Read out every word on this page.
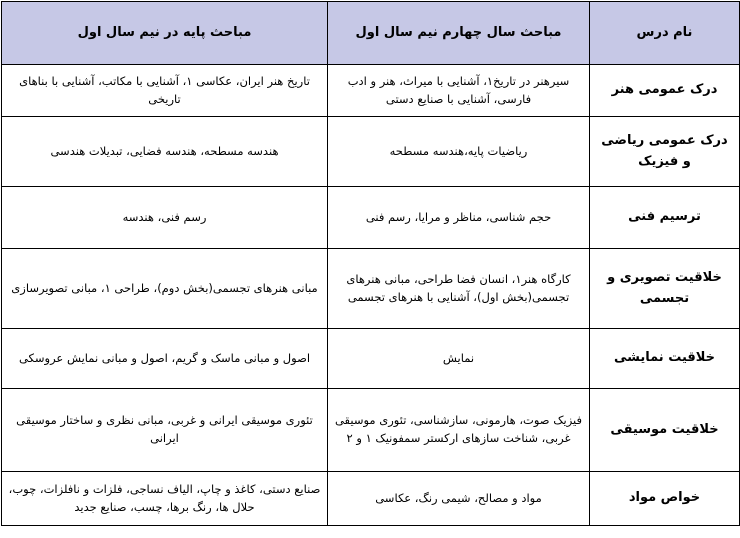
نام درس	مباحث سال چهارم نیم سال اول	مباحث پایه در نیم سال اول
درک عمومی هنر	سیرهنر در تاریخ۱، آشنایی با میراث، هنر و ادب فارسی، آشنایی با صنایع دستی	تاریخ هنر ایران، عکاسی ۱، آشنایی با مکاتب، آشنایی با بناهای تاریخی
درک عمومی ریاضی و فیزیک	ریاضیات پایه،هندسه مسطحه	هندسه مسطحه، هندسه فضایی، تبدیلات هندسی
ترسیم فنی	حجم شناسی، مناظر و مرایا، رسم فنی	رسم فنی، هندسه
خلاقیت تصویری و تجسمی	کارگاه هنر۱، انسان فضا طراحی، مبانی هنرهای تجسمی(بخش اول)، آشنایی با هنرهای تجسمی	مبانی هنرهای تجسمی(بخش دوم)، طراحی ۱، مبانی تصویرسازی
خلاقیت نمایشی	نمایش	اصول و مبانی ماسک و گریم، اصول و مبانی نمایش عروسکی
خلاقیت موسیقی	فیزیک صوت، هارمونی، سازشناسی، تئوری موسیقی غربی، شناخت سازهای ارکستر سمفونیک ۱ و ۲	تئوری موسیقی ایرانی و غربی، مبانی نظری و ساختار موسیقی ایرانی
خواص مواد	مواد و مصالح، شیمی رنگ، عکاسی	صنایع دستی، کاغذ و چاپ، الیاف نساجی، فلزات و نافلزات، چوب، حلال ها، رنگ برها، چسب، صنایع جدید
